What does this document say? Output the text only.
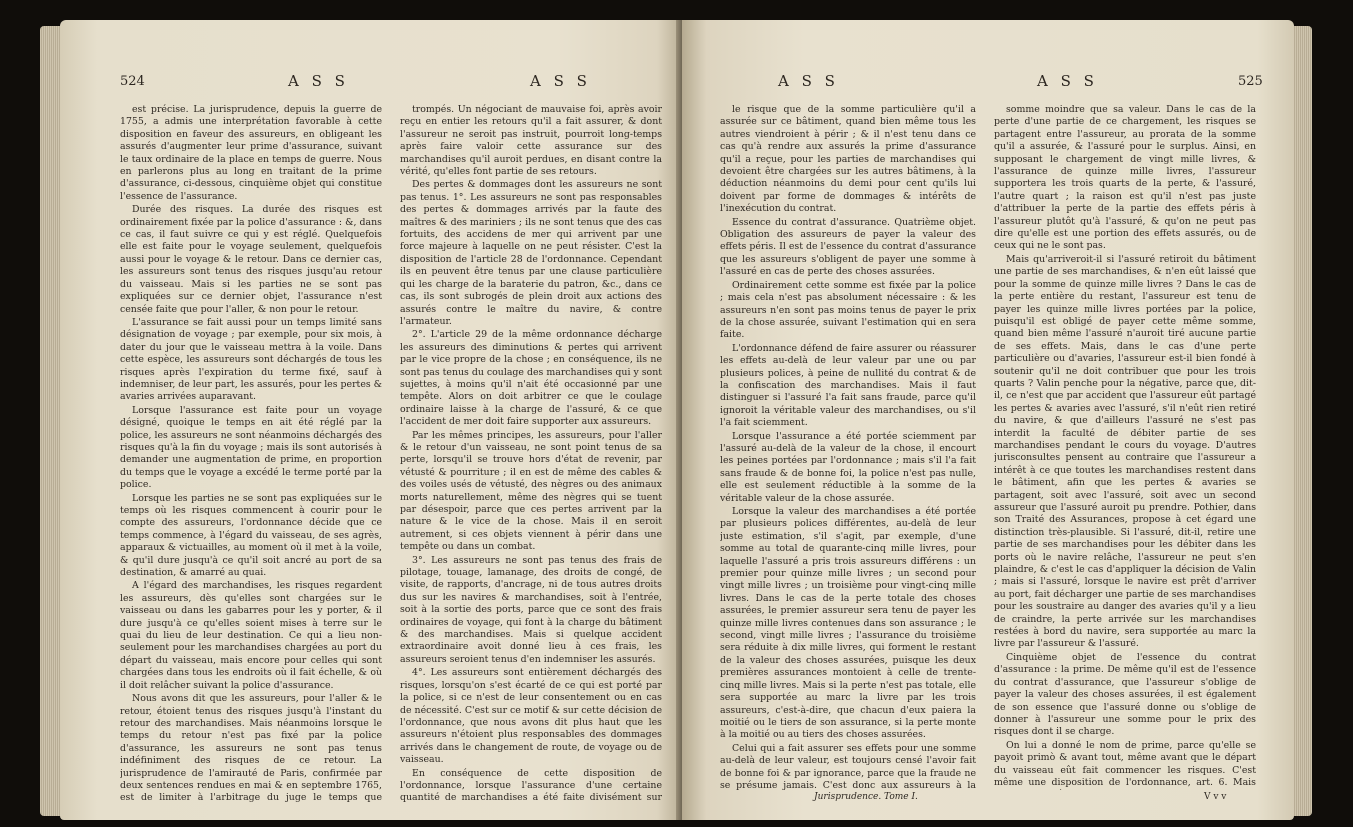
524	A S S	A S S

est précise. La jurisprudence, depuis la guerre de 1755, a admis une interprétation favorable à cette disposition en faveur des assureurs, en obligeant les assurés d'augmenter leur prime d'assurance, suivant le taux ordinaire de la place en temps de guerre. Nous en parlerons plus au long en traitant de la prime d'assurance, ci-dessous, cinquième objet qui constitue l'essence de l'assurance.

Durée des risques. La durée des risques est ordinairement fixée par la police d'assurance : &, dans ce cas, il faut suivre ce qui y est réglé. Quelquefois elle est faite pour le voyage seulement, quelquefois aussi pour le voyage & le retour. Dans ce dernier cas, les assureurs sont tenus des risques jusqu'au retour du vaisseau. Mais si les parties ne se sont pas expliquées sur ce dernier objet, l'assurance n'est censée faite que pour l'aller, & non pour le retour.

L'assurance se fait aussi pour un temps limité sans désignation de voyage ; par exemple, pour six mois, à dater du jour que le vaisseau mettra à la voile. Dans cette espèce, les assureurs sont déchargés de tous les risques après l'expiration du terme fixé, sauf à indemniser, de leur part, les assurés, pour les pertes & avaries arrivées auparavant.

Lorsque l'assurance est faite pour un voyage désigné, quoique le temps en ait été réglé par la police, les assureurs ne sont néanmoins déchargés des risques qu'à la fin du voyage ; mais ils sont autorisés à demander une augmentation de prime, en proportion du temps que le voyage a excédé le terme porté par la police.

Lorsque les parties ne se sont pas expliquées sur le temps où les risques commencent à courir pour le compte des assureurs, l'ordonnance décide que ce temps commence, à l'égard du vaisseau, de ses agrès, apparaux & victuailles, au moment où il met à la voile, & qu'il dure jusqu'à ce qu'il soit ancré au port de sa destination, & amarré au quai.

A l'égard des marchandises, les risques regardent les assureurs, dès qu'elles sont chargées sur le vaisseau ou dans les gabarres pour les y porter, & il dure jusqu'à ce qu'elles soient mises à terre sur le quai du lieu de leur destination. Ce qui a lieu non-seulement pour les marchandises chargées au port du départ du vaisseau, mais encore pour celles qui sont chargées dans tous les endroits où il fait échelle, & où il doit relâcher suivant la police d'assurance.

Nous avons dit que les assureurs, pour l'aller & le retour, étoient tenus des risques jusqu'à l'instant du retour des marchandises. Mais néanmoins lorsque le temps du retour n'est pas fixé par la police d'assurance, les assureurs ne sont pas tenus indéfiniment des risques de ce retour. La jurisprudence de l'amirauté de Paris, confirmée par deux sentences rendues en mai & en septembre 1765, est de limiter à l'arbitrage du juge le temps que

trompés. Un négociant de mauvaise foi, après avoir reçu en entier les retours qu'il a fait assurer, & dont l'assureur ne seroit pas instruit, pourroit long-temps après faire valoir cette assurance sur des marchandises qu'il auroit perdues, en disant contre la vérité, qu'elles font partie de ses retours.

Des pertes & dommages dont les assureurs ne sont pas tenus. 1°. Les assureurs ne sont pas responsables des pertes & dommages arrivés par la faute des maîtres & des mariniers ; ils ne sont tenus que des cas fortuits, des accidens de mer qui arrivent par une force majeure à laquelle on ne peut résister. C'est la disposition de l'article 28 de l'ordonnance. Cependant ils en peuvent être tenus par une clause particulière qui les charge de la baraterie du patron, &c., dans ce cas, ils sont subrogés de plein droit aux actions des assurés contre le maître du navire, & contre l'armateur.

2°. L'article 29 de la même ordonnance décharge les assureurs des diminutions & pertes qui arrivent par le vice propre de la chose ; en conséquence, ils ne sont pas tenus du coulage des marchandises qui y sont sujettes, à moins qu'il n'ait été occasionné par une tempête. Alors on doit arbitrer ce que le coulage ordinaire laisse à la charge de l'assuré, & ce que l'accident de mer doit faire supporter aux assureurs.

Par les mêmes principes, les assureurs, pour l'aller & le retour d'un vaisseau, ne sont point tenus de sa perte, lorsqu'il se trouve hors d'état de revenir, par vétusté & pourriture ; il en est de même des cables & des voiles usés de vétusté, des nègres ou des animaux morts naturellement, même des nègres qui se tuent par désespoir, parce que ces pertes arrivent par la nature & le vice de la chose. Mais il en seroit autrement, si ces objets viennent à périr dans une tempête ou dans un combat.

3°. Les assureurs ne sont pas tenus des frais de pilotage, touage, lamanage, des droits de congé, de visite, de rapports, d'ancrage, ni de tous autres droits dus sur les navires & marchandises, soit à l'entrée, soit à la sortie des ports, parce que ce sont des frais ordinaires de voyage, qui font à la charge du bâtiment & des marchandises. Mais si quelque accident extraordinaire avoit donné lieu à ces frais, les assureurs seroient tenus d'en indemniser les assurés.

4°. Les assureurs sont entièrement déchargés des risques, lorsqu'on s'est écarté de ce qui est porté par la police, si ce n'est de leur consentement ou en cas de nécessité. C'est sur ce motif & sur cette décision de l'ordonnance, que nous avons dit plus haut que les assureurs n'étoient plus responsables des dommages arrivés dans le changement de route, de voyage ou de vaisseau.

En conséquence de cette disposition de l'ordonnance, lorsque l'assurance d'une certaine quantité de marchandises a été faite divisément sur

A S S	A S S	525

le risque que de la somme particulière qu'il a assurée sur ce bâtiment, quand bien même tous les autres viendroient à périr ; & il n'est tenu dans ce cas qu'à rendre aux assurés la prime d'assurance qu'il a reçue, pour les parties de marchandises qui devoient être chargées sur les autres bâtimens, à la déduction néanmoins du demi pour cent qu'ils lui doivent par forme de dommages & intérêts de l'inexécution du contrat.

Essence du contrat d'assurance. Quatrième objet. Obligation des assureurs de payer la valeur des effets péris. Il est de l'essence du contrat d'assurance que les assureurs s'obligent de payer une somme à l'assuré en cas de perte des choses assurées.

Ordinairement cette somme est fixée par la police ; mais cela n'est pas absolument nécessaire : & les assureurs n'en sont pas moins tenus de payer le prix de la chose assurée, suivant l'estimation qui en sera faite.

L'ordonnance défend de faire assurer ou réassurer les effets au-delà de leur valeur par une ou par plusieurs polices, à peine de nullité du contrat & de la confiscation des marchandises. Mais il faut distinguer si l'assuré l'a fait sans fraude, parce qu'il ignoroit la véritable valeur des marchandises, ou s'il l'a fait sciemment.

Lorsque l'assurance a été portée sciemment par l'assuré au-delà de la valeur de la chose, il encourt les peines portées par l'ordonnance ; mais s'il l'a fait sans fraude & de bonne foi, la police n'est pas nulle, elle est seulement réductible à la somme de la véritable valeur de la chose assurée.

Lorsque la valeur des marchandises a été portée par plusieurs polices différentes, au-delà de leur juste estimation, s'il s'agit, par exemple, d'une somme au total de quarante-cinq mille livres, pour laquelle l'assuré a pris trois assureurs différens : un premier pour quinze mille livres ; un second pour vingt mille livres ; un troisième pour vingt-cinq mille livres. Dans le cas de la perte totale des choses assurées, le premier assureur sera tenu de payer les quinze mille livres contenues dans son assurance ; le second, vingt mille livres ; l'assurance du troisième sera réduite à dix mille livres, qui forment le restant de la valeur des choses assurées, puisque les deux premières assurances montoient à celle de trente-cinq mille livres. Mais si la perte n'est pas totale, elle sera supportée au marc la livre par les trois assureurs, c'est-à-dire, que chacun d'eux paiera la moitié ou le tiers de son assurance, si la perte monte à la moitié ou au tiers des choses assurées.

Celui qui a fait assurer ses effets pour une somme au-delà de leur valeur, est toujours censé l'avoir fait de bonne foi & par ignorance, parce que la fraude ne se présume jamais. C'est donc aux assureurs à la

somme moindre que sa valeur. Dans le cas de la perte d'une partie de ce chargement, les risques se partagent entre l'assureur, au prorata de la somme qu'il a assurée, & l'assuré pour le surplus. Ainsi, en supposant le chargement de vingt mille livres, & l'assurance de quinze mille livres, l'assureur supportera les trois quarts de la perte, & l'assuré, l'autre quart ; la raison est qu'il n'est pas juste d'attribuer la perte de la partie des effets péris à l'assureur plutôt qu'à l'assuré, & qu'on ne peut pas dire qu'elle est une portion des effets assurés, ou de ceux qui ne le sont pas.

Mais qu'arriveroit-il si l'assuré retiroit du bâtiment une partie de ses marchandises, & n'en eût laissé que pour la somme de quinze mille livres ? Dans le cas de la perte entière du restant, l'assureur est tenu de payer les quinze mille livres portées par la police, puisqu'il est obligé de payer cette même somme, quand bien même l'assuré n'auroit tiré aucune partie de ses effets. Mais, dans le cas d'une perte particulière ou d'avaries, l'assureur est-il bien fondé à soutenir qu'il ne doit contribuer que pour les trois quarts ? Valin penche pour la négative, parce que, dit-il, ce n'est que par accident que l'assureur eût partagé les pertes & avaries avec l'assuré, s'il n'eût rien retiré du navire, & que d'ailleurs l'assuré ne s'est pas interdit la faculté de débiter partie de ses marchandises pendant le cours du voyage. D'autres jurisconsultes pensent au contraire que l'assureur a intérêt à ce que toutes les marchandises restent dans le bâtiment, afin que les pertes & avaries se partagent, soit avec l'assuré, soit avec un second assureur que l'assuré auroit pu prendre. Pothier, dans son Traité des Assurances, propose à cet égard une distinction très-plausible. Si l'assuré, dit-il, retire une partie de ses marchandises pour les débiter dans les ports où le navire relâche, l'assureur ne peut s'en plaindre, & c'est le cas d'appliquer la décision de Valin ; mais si l'assuré, lorsque le navire est prêt d'arriver au port, fait décharger une partie de ses marchandises pour les soustraire au danger des avaries qu'il y a lieu de craindre, la perte arrivée sur les marchandises restées à bord du navire, sera supportée au marc la livre par l'assureur & l'assuré.

Cinquième objet de l'essence du contrat d'assurance : la prime. De même qu'il est de l'essence du contrat d'assurance, que l'assureur s'oblige de payer la valeur des choses assurées, il est également de son essence que l'assuré donne ou s'oblige de donner à l'assureur une somme pour le prix des risques dont il se charge.

On lui a donné le nom de prime, parce qu'elle se payoit primò & avant tout, même avant que le départ du vaisseau eût fait commencer les risques. C'est même une disposition de l'ordonnance, art. 6. Mais

Jurisprudence. Tome I.	V v v
